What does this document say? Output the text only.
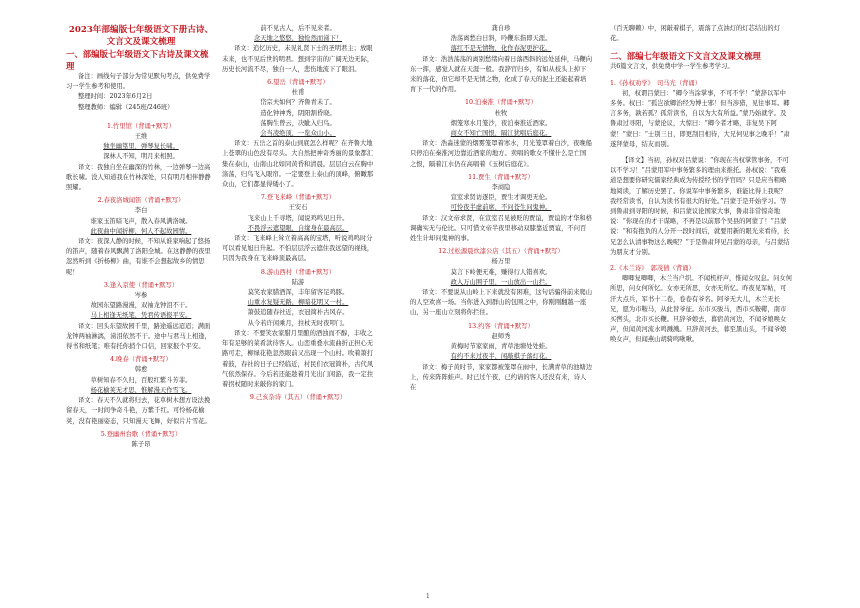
2023年部编版七年级语文下册古诗、文言文及课文梳理
一、部编版七年级语文下古诗及课文梳理

备注：画线句子部分为常见默句考点，供免费学习一学生参考和使用。

整理时间：2023年6月2日

整理教师：编辑（245班/246班）

1.竹里馆（背诵+默写）
王维
独坐幽篁里，弹琴复长啸。
深林人不知，明月来相照。

译文：我独自坐在幽深的竹林，一边弹琴一边高歌长啸。没人知道我在竹林深处，只有明月相伴静静照耀。

2.春夜洛城闻笛（背诵+默写）
李白
谁家玉笛暗飞声，散入春风满洛城。
此夜曲中闻折柳，何人不起故园情。

译文：夜深人静的时候，不知从谁家响起了悠扬的笛声，随着春风飘满了洛阳全城。在这静静的夜里忽然听到《折杨柳》曲，有谁不会想起故乡的情思呢！

3.逢入京使（背诵+默写）
岑参
故园东望路漫漫，双袖龙钟泪不干。
马上相逢无纸笔，凭君传语报平安。

译文：回头东望故园千里，路途遥远迢迢；满面龙钟两袖淋漓，涕泪依然不干。途中与君马上相逢，得书和纸笔；唯有托你捎个口信，回家报个平安。

4.晚春（背诵+默写）
韩愈
草树知春不久归，百般红紫斗芳菲。
杨花榆荚无才思，惟解漫天作雪飞。

译文：春天不久就将归去，花草树木想方设法挽留春天，一时间争奇斗艳，万紫千红。可怜杨花榆荚，没有艳丽姿态，只知漫天飞舞，好似片片雪花。

5.登幽州台歌（背诵+默写）
陈子昂
前不见古人，后不见来者。
念天地之悠悠，独怆然而涕下！

译文：追忆历史，未见礼贤下士的圣明君主；放眼未来，也不见后世的明君。想到宇宙的广阔无边无际，历史长河流不尽，独自一人，悲伤地流下了眼泪。

6.望岳（背诵+默写）
杜甫
岱宗夫如何？齐鲁青未了。
造化钟神秀，阴阳割昏晓。
荡胸生曾云，决眦入归鸟。
会当凌绝顶，一览众山小。

译文：五岳之首的泰山到底怎么样呢？在齐鲁大地上苍翠的山色没有尽头。大自然把神奇秀丽的景象都汇集在泰山，山南山北如同黄昏和清晨。层层白云在胸中涤荡，归鸟飞入眼帘。一定要登上泰山的顶峰，俯瞰那众山，它们都显得矮小了。

7.登飞来峰（背诵+默写）
王安石
飞来山上千寻塔，闻说鸡鸣见日升。
不畏浮云遮望眼，自缘身在最高层。

译文：飞来峰上耸立着高高的宝塔，听说鸡鸣时分可以看见旭日升起。不怕层层浮云遮住我远望的视线，只因为我身在飞来峰顶最高层。

8.游山西村（背诵+默写）
陆游
莫笑农家腊酒浑，丰年留客足鸡豚。
山重水复疑无路，柳暗花明又一村。
箫鼓追随春社近，衣冠简朴古风存。
从今若许闲乘月，拄杖无时夜叩门。

译文：不要笑农家腊月里酿的酒浊而不醇，丰收之年有足够的菜肴款待客人。山峦重叠水流曲折正担心无路可走，柳绿花艳忽然眼前又出现一个山村。吹着箫打着鼓，春社的日子已经临近，村民们衣冠简朴，古代风气依然保存。今后若还能趁着月光出门闲游，我一定拄着拐杖随时来敲你的家门。

9.己亥杂诗（其五）（背诵+默写）
龚自珍
浩荡离愁白日斜，吟鞭东指即天涯。
落红不是无情物，化作春泥更护花。

译文：浩浩荡荡的离别愁绪向着日落西斜的远处延伸，马鞭向东一挥，感觉人就在天涯一般。我辞官归乡，有如从枝头上掉下来的落花，但它却不是无情之物，化成了春天的泥土还能起着培育下一代的作用。

10.泊秦淮（背诵+默写）
杜牧
烟笼寒水月笼沙，夜泊秦淮近酒家。
商女不知亡国恨，隔江犹唱后庭花。

译文：浩淼迷蒙的烟雾笼罩着寒水，月光笼罩着白沙，夜晚船只停泊在秦淮河边靠近酒家的地方。卖唱的歌女不懂什么是亡国之恨，隔着江水仍在高唱着《玉树后庭花》。

11.贾生（背诵+默写）
李商隐
宣室求贤访逐臣，贾生才调更无伦。
可怜夜半虚前席，不问苍生问鬼神。

译文：汉文帝求贤，在宣室召见被贬的贾谊，贾谊的才华和格调确实无与伦比。只可惜文帝半夜里移动双膝靠近贾谊，不问百姓生计却问鬼神的事。

12.过松源晨炊漆公店（其五）（背诵+默写）
杨万里
莫言下岭便无难，赚得行人错喜欢。
政入万山围子里，一山放出一山拦。

译文：不要说从山岭上下来就没有困难，这句话骗得前来爬山的人空欢喜一场。当你进入到群山的包围之中，你刚刚翻越一座山，另一座山立刻将你拦住。

13.约客（背诵+默写）
赵师秀
黄梅时节家家雨，青草池塘处处蛙。
有约不来过夜半，闲敲棋子落灯花。

译文：梅子黄时节，家家都被笼罩在雨中，长满青草的池塘边上，传来阵阵蛙声。时已过午夜，已约请的客人还没有来，诗人在

（百无聊赖）中，闲敲着棋子，震落了点油灯的灯芯结出的灯花。

二、部编七年级语文下文言文及课文梳理

共6篇文言文，供免费中学一学生参考学习。

1.《孙权劝学》　司马光（背诵）

初，权谓吕蒙曰：“卿今当涂掌事，不可不学！”蒙辞以军中多务。权曰：“孤岂欲卿治经为博士邪！但当涉猎，见往事耳。卿言多务，孰若孤？孤常读书，自以为大有所益。”蒙乃始就学。及鲁肃过寻阳，与蒙论议，大惊曰：“卿今者才略，非复吴下阿蒙！”蒙曰：“士别三日，即更刮目相待，大兄何见事之晚乎！”肃遂拜蒙母，结友而别。

【译文】当初，孙权对吕蒙说：“你现在当权掌管事务，不可以不学习！”吕蒙用军中事务繁多的理由来推托。孙权说：“我难道是想要你研究儒家经典成为传授经书的学官吗？只是应当粗略地阅读，了解历史罢了。你说军中事务繁多，谁能比得上我呢？我经常读书，自认为读书有很大的好处。”吕蒙于是开始学习。等到鲁肃到寻阳的时候，和吕蒙议论国家大事，鲁肃非常惊奇地说：“你现在的才干谋略，不再是以前那个吴县的阿蒙了！”吕蒙说：“和有抱负的人分开一段时间后，就要用新的眼光来看待，长兄怎么认清事物这么晚呢？”于是鲁肃拜见吕蒙的母亲，与吕蒙结为朋友才分别。

2.《木兰诗》　郭茂倩（背诵）

唧唧复唧唧，木兰当户织。不闻机杼声，惟闻女叹息。问女何所思，问女何所忆。女亦无所思，女亦无所忆。昨夜见军帖，可汗大点兵，军书十二卷，卷卷有爷名。阿爷无大儿，木兰无长兄，愿为市鞍马，从此替爷征。东市买骏马，西市买鞍鞯，南市买辔头，北市买长鞭。旦辞爷娘去，暮宿黄河边，不闻爷娘唤女声，但闻黄河流水鸣溅溅。旦辞黄河去，暮至黑山头，不闻爷娘唤女声，但闻燕山胡骑鸣啾啾。

1
